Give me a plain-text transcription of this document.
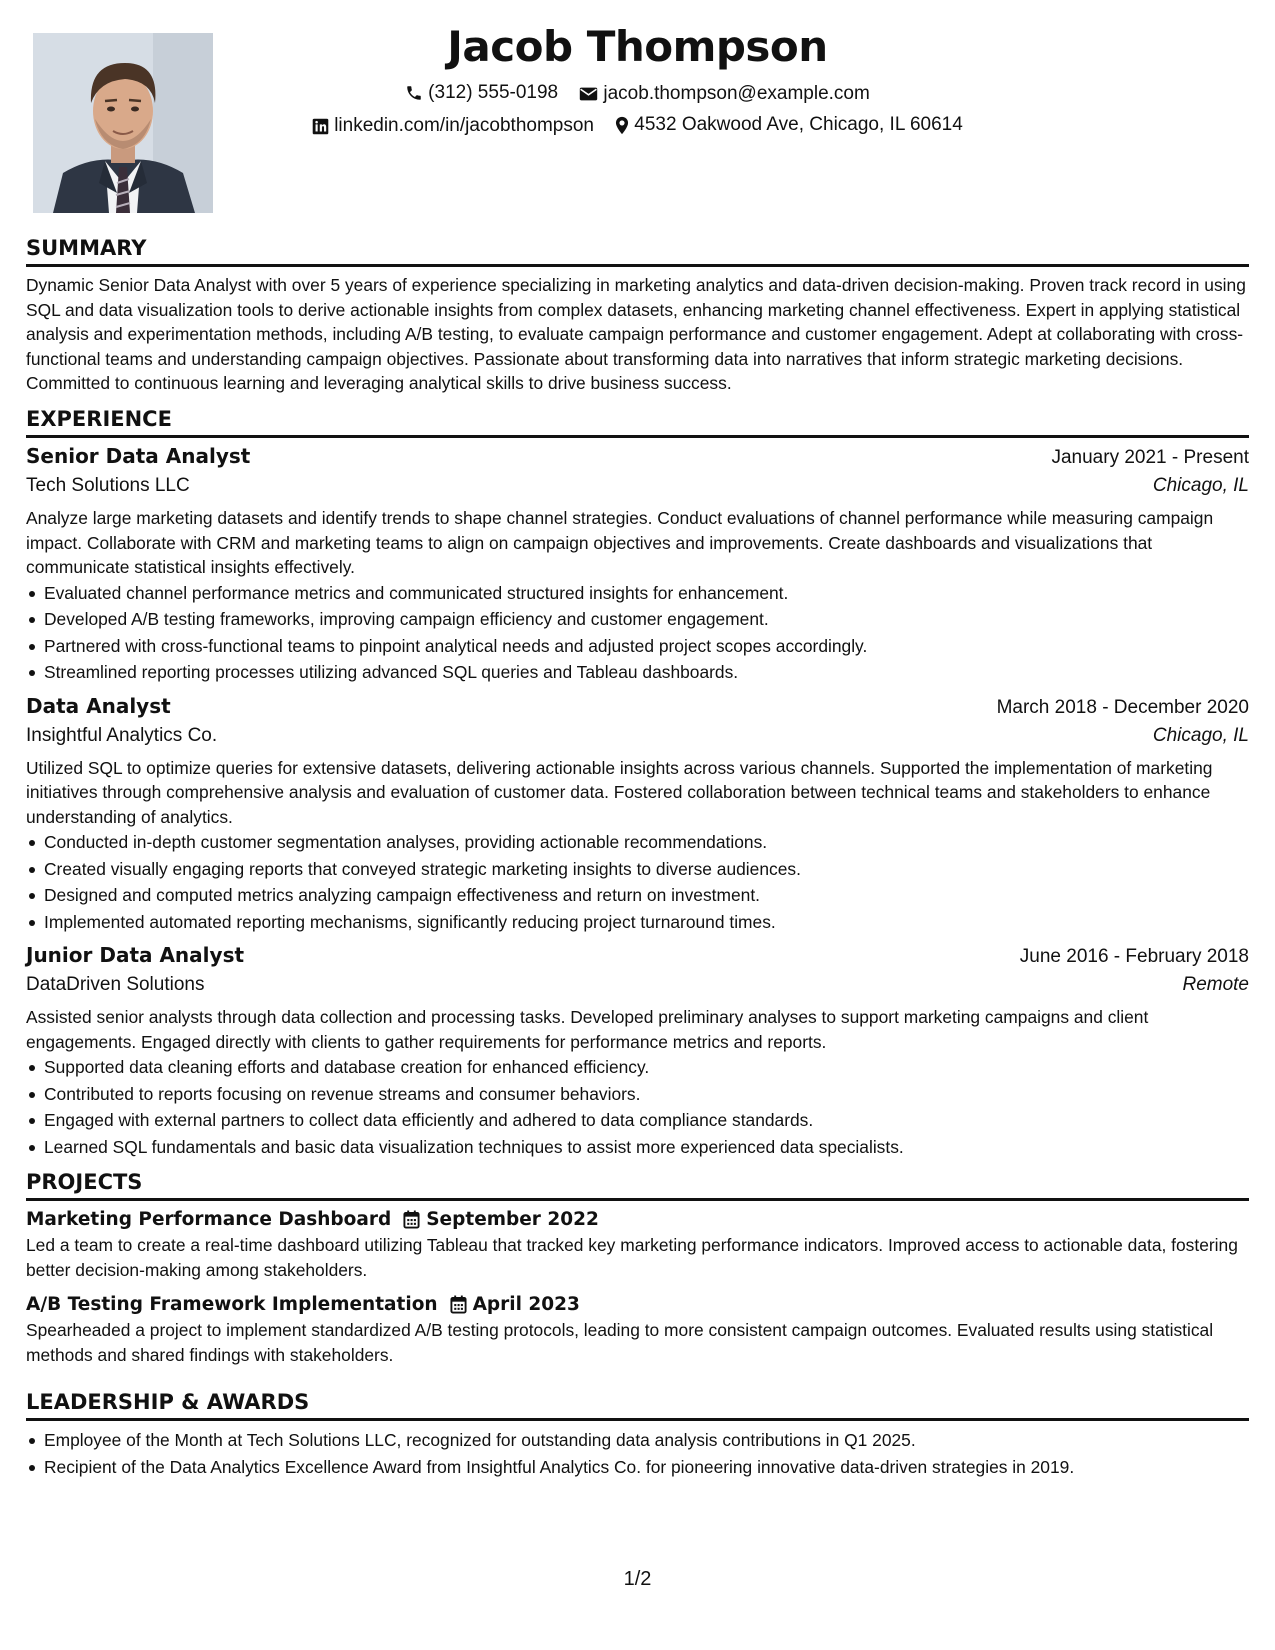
Jacob Thompson
(312) 555-0198
jacob.thompson@example.com
linkedin.com/in/jacobthompson
4532 Oakwood Ave, Chicago, IL 60614
SUMMARY

Dynamic Senior Data Analyst with over 5 years of experience specializing in marketing analytics and data-driven decision-making. Proven track record in using SQL and data visualization tools to derive actionable insights from complex datasets, enhancing marketing channel effectiveness. Expert in applying statistical analysis and experimentation methods, including A/B testing, to evaluate campaign performance and customer engagement. Adept at collaborating with cross-functional teams and understanding campaign objectives. Passionate about transforming data into narratives that inform strategic marketing decisions. Committed to continuous learning and leveraging analytical skills to drive business success.

EXPERIENCE
Senior Data Analyst	January 2021 - Present
Tech Solutions LLC	Chicago, IL

Analyze large marketing datasets and identify trends to shape channel strategies. Conduct evaluations of channel performance while measuring campaign impact. Collaborate with CRM and marketing teams to align on campaign objectives and improvements. Create dashboards and visualizations that communicate statistical insights effectively.

Evaluated channel performance metrics and communicated structured insights for enhancement.
Developed A/B testing frameworks, improving campaign efficiency and customer engagement.
Partnered with cross-functional teams to pinpoint analytical needs and adjusted project scopes accordingly.
Streamlined reporting processes utilizing advanced SQL queries and Tableau dashboards.
Data Analyst	March 2018 - December 2020
Insightful Analytics Co.	Chicago, IL

Utilized SQL to optimize queries for extensive datasets, delivering actionable insights across various channels. Supported the implementation of marketing initiatives through comprehensive analysis and evaluation of customer data. Fostered collaboration between technical teams and stakeholders to enhance understanding of analytics.

Conducted in-depth customer segmentation analyses, providing actionable recommendations.
Created visually engaging reports that conveyed strategic marketing insights to diverse audiences.
Designed and computed metrics analyzing campaign effectiveness and return on investment.
Implemented automated reporting mechanisms, significantly reducing project turnaround times.
Junior Data Analyst	June 2016 - February 2018
DataDriven Solutions	Remote

Assisted senior analysts through data collection and processing tasks. Developed preliminary analyses to support marketing campaigns and client engagements. Engaged directly with clients to gather requirements for performance metrics and reports.

Supported data cleaning efforts and database creation for enhanced efficiency.
Contributed to reports focusing on revenue streams and consumer behaviors.
Engaged with external partners to collect data efficiently and adhered to data compliance standards.
Learned SQL fundamentals and basic data visualization techniques to assist more experienced data specialists.
PROJECTS
Marketing Performance Dashboard September 2022

Led a team to create a real-time dashboard utilizing Tableau that tracked key marketing performance indicators. Improved access to actionable data, fostering better decision-making among stakeholders.

A/B Testing Framework Implementation April 2023

Spearheaded a project to implement standardized A/B testing protocols, leading to more consistent campaign outcomes. Evaluated results using statistical methods and shared findings with stakeholders.

LEADERSHIP & AWARDS
Employee of the Month at Tech Solutions LLC, recognized for outstanding data analysis contributions in Q1 2025.
Recipient of the Data Analytics Excellence Award from Insightful Analytics Co. for pioneering innovative data-driven strategies in 2019.
1/2
